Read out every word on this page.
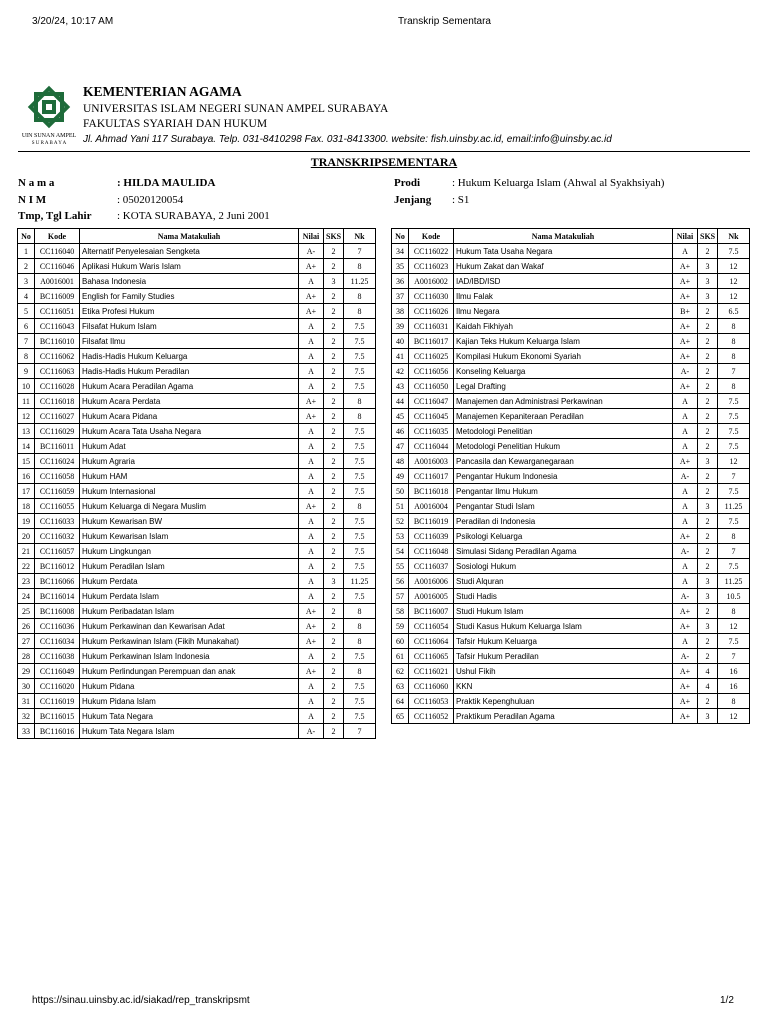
3/20/24, 10:17 AM	Transkrip Sementara
UIN SUNAN AMPEL
S U R A B A Y A
KEMENTERIAN AGAMA
UNIVERSITAS ISLAM NEGERI SUNAN AMPEL SURABAYA
FAKULTAS SYARIAH DAN HUKUM
Jl. Ahmad Yani 117 Surabaya. Telp. 031-8410298 Fax. 031-8413300. website: fish.uinsby.ac.id, email:info@uinsby.ac.id
TRANSKRIPSEMENTARA
N a m a	: HILDA MAULIDA
N I M	: 05020120054
Tmp, Tgl Lahir : KOTA SURABAYA, 2 Juni 2001
Prodi	: Hukum Keluarga Islam (Ahwal al Syakhsiyah)
Jenjang : S1
No	Kode	Nama Matakuliah	Nilai	SKS	Nk
1	CC116040	Alternatif Penyelesaian Sengketa	A-	2	7
2	CC116046	Aplikasi Hukum Waris Islam	A+	2	8
3	A0016001	Bahasa Indonesia	A	3	11.25
4	BC116009	English for Family Studies	A+	2	8
5	CC116051	Etika Profesi Hukum	A+	2	8
6	CC116043	Filsafat Hukum Islam	A	2	7.5
7	BC116010	Filsafat Ilmu	A	2	7.5
8	CC116062	Hadis-Hadis Hukum Keluarga	A	2	7.5
9	CC116063	Hadis-Hadis Hukum Peradilan	A	2	7.5
10	CC116028	Hukum Acara Peradilan Agama	A	2	7.5
11	CC116018	Hukum Acara Perdata	A+	2	8
12	CC116027	Hukum Acara Pidana	A+	2	8
13	CC116029	Hukum Acara Tata Usaha Negara	A	2	7.5
14	BC116011	Hukum Adat	A	2	7.5
15	CC116024	Hukum Agraria	A	2	7.5
16	CC116058	Hukum HAM	A	2	7.5
17	CC116059	Hukum Internasional	A	2	7.5
18	CC116055	Hukum Keluarga di Negara Muslim	A+	2	8
19	CC116033	Hukum Kewarisan BW	A	2	7.5
20	CC116032	Hukum Kewarisan Islam	A	2	7.5
21	CC116057	Hukum Lingkungan	A	2	7.5
22	BC116012	Hukum Peradilan Islam	A	2	7.5
23	BC116066	Hukum Perdata	A	3	11.25
24	BC116014	Hukum Perdata Islam	A	2	7.5
25	BC116008	Hukum Peribadatan Islam	A+	2	8
26	CC116036	Hukum Perkawinan dan Kewarisan Adat	A+	2	8
27	CC116034	Hukum Perkawinan Islam (Fikih Munakahat)	A+	2	8
28	CC116038	Hukum Perkawinan Islam Indonesia	A	2	7.5
29	CC116049	Hukum Perlindungan Perempuan dan anak	A+	2	8
30	CC116020	Hukum Pidana	A	2	7.5
31	CC116019	Hukum Pidana Islam	A	2	7.5
32	BC116015	Hukum Tata Negara	A	2	7.5
33	BC116016	Hukum Tata Negara Islam	A-	2	7
No	Kode	Nama Matakuliah	Nilai	SKS	Nk
34	CC116022	Hukum Tata Usaha Negara	A	2	7.5
35	CC116023	Hukum Zakat dan Wakaf	A+	3	12
36	A0016002	IAD/IBD/ISD	A+	3	12
37	CC116030	Ilmu Falak	A+	3	12
38	CC116026	Ilmu Negara	B+	2	6.5
39	CC116031	Kaidah Fikhiyah	A+	2	8
40	BC116017	Kajian Teks Hukum Keluarga Islam	A+	2	8
41	CC116025	Kompilasi Hukum Ekonomi Syariah	A+	2	8
42	CC116056	Konseling Keluarga	A-	2	7
43	CC116050	Legal Drafting	A+	2	8
44	CC116047	Manajemen dan Administrasi Perkawinan	A	2	7.5
45	CC116045	Manajemen Kepaniteraan Peradilan	A	2	7.5
46	CC116035	Metodologi Penelitian	A	2	7.5
47	CC116044	Metodologi Penelitian Hukum	A	2	7.5
48	A0016003	Pancasila dan Kewarganegaraan	A+	3	12
49	CC116017	Pengantar Hukum Indonesia	A-	2	7
50	BC116018	Pengantar Ilmu Hukum	A	2	7.5
51	A0016004	Pengantar Studi Islam	A	3	11.25
52	BC116019	Peradilan di Indonesia	A	2	7.5
53	CC116039	Psikologi Keluarga	A+	2	8
54	CC116048	Simulasi Sidang Peradilan Agama	A-	2	7
55	CC116037	Sosiologi Hukum	A	2	7.5
56	A0016006	Studi Alquran	A	3	11.25
57	A0016005	Studi Hadis	A-	3	10.5
58	BC116007	Studi Hukum Islam	A+	2	8
59	CC116054	Studi Kasus Hukum Keluarga Islam	A+	3	12
60	CC116064	Tafsir Hukum Keluarga	A	2	7.5
61	CC116065	Tafsir Hukum Peradilan	A-	2	7
62	CC116021	Ushul Fikih	A+	4	16
63	CC116060	KKN	A+	4	16
64	CC116053	Praktik Kepenghuluan	A+	2	8
65	CC116052	Praktikum Peradilan Agama	A+	3	12
https://sinau.uinsby.ac.id/siakad/rep_transkripsmt	1/2
